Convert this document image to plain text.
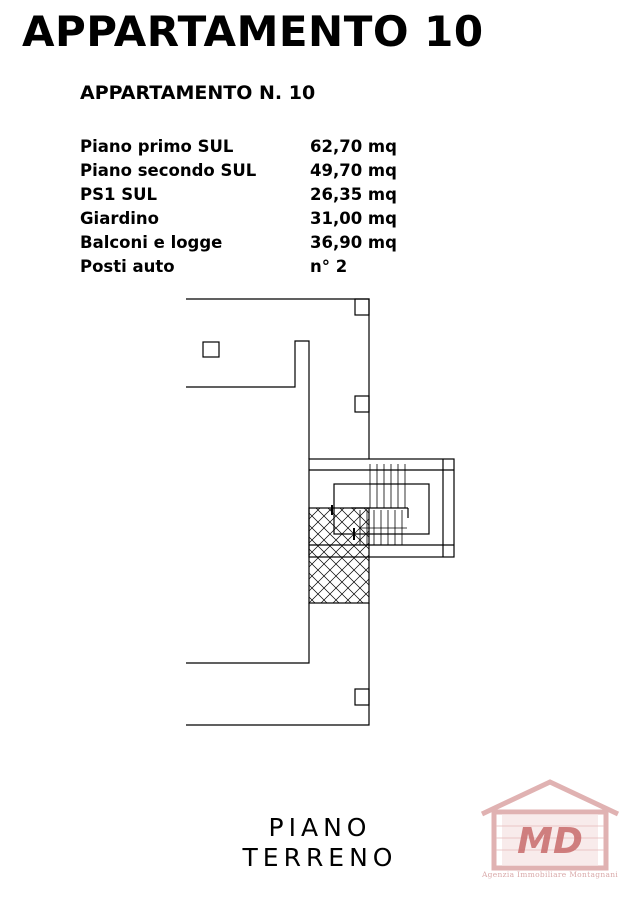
APPARTAMENTO 10
APPARTAMENTO N. 10
Piano primo SUL	62,70 mq
Piano secondo SUL	49,70 mq
PS1 SUL	26,35 mq
Giardino	31,00 mq
Balconi e logge	36,90 mq
Posti auto	n° 2
PIANO
TERRENO	MD
Agenzia Immobiliare Montagnani
